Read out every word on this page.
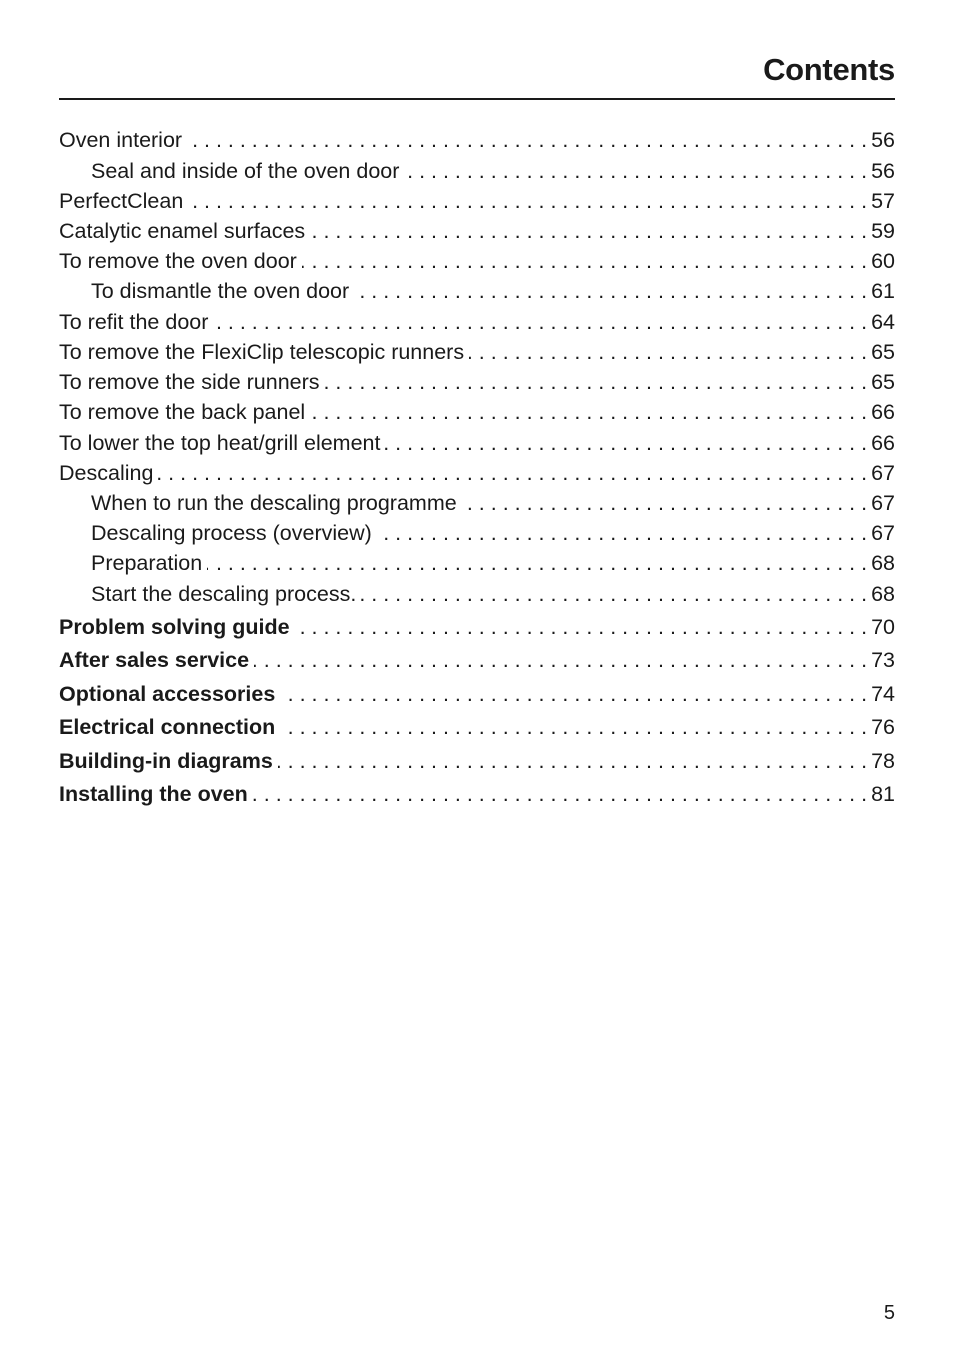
Contents
Oven interior . . .	56
Seal and inside of the oven door . . .	56
PerfectClean . . .	57
Catalytic enamel surfaces . . .	59
To remove the oven door . . .	60
To dismantle the oven door . . .	61
To refit the door . . .	64
To remove the FlexiClip telescopic runners . . .	65
To remove the side runners . . .	65
To remove the back panel . . .	66
To lower the top heat/grill element . . .	66
Descaling . . .	67
When to run the descaling programme . . .	67
Descaling process (overview) . . .	67
Preparation . . .	68
Start the descaling process. . . .	68
Problem solving guide . . .	70
After sales service . . .	73
Optional accessories . . .	74
Electrical connection . . .	76
Building-in diagrams . . .	78
Installing the oven . . .	81
5
